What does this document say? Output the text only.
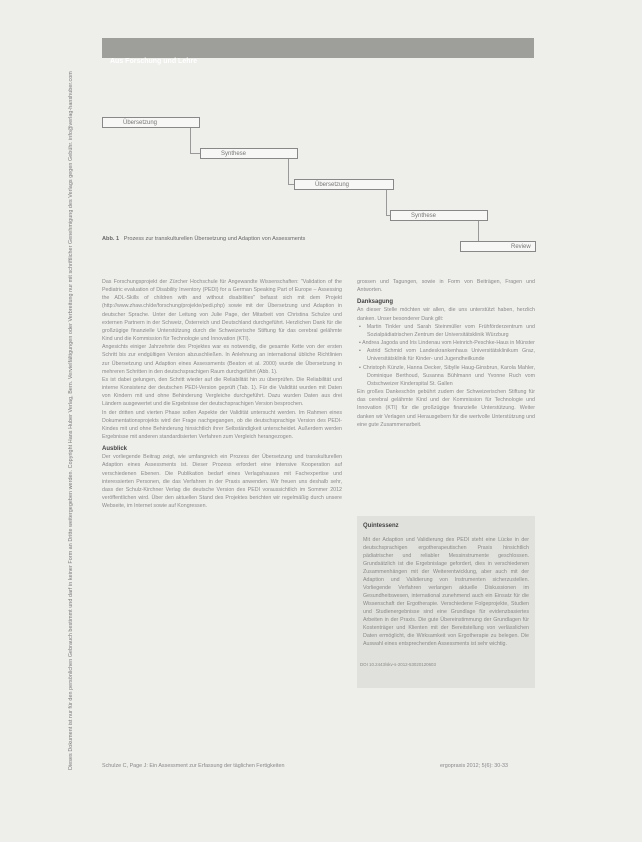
Dieses Dokument ist nur für den persönlichen Gebrauch bestimmt und darf in keiner Form an Dritte weitergegeben werden. Copyright Hans Huber Verlag, Bern. Vervielfältigungen oder Verbreitung nur mit schriftlicher Genehmigung des Verlags gegen Gebühr. info@verlag-hanshuber.com
Aus Forschung und Lehre
Übersetzung
Synthese
Übersetzung
Synthese
Review
Abb. 1 Prozess zur transkulturellen Übersetzung und Adaption von Assessments

Das Forschungsprojekt der Zürcher Hochschule für Angewandte Wissenschaften: "Validation of the Pediatric evaluation of Disability Inventory (PEDI) for a German Speaking Part of Europe – Assessing the ADL-Skills of children with and without disabilities" befasst sich mit dem Projekt (http://www.zhaw.ch/de/forschung/projekte/pedi.php) sowie mit der Übersetzung und Adaption in deutscher Sprache. Unter der Leitung von Julie Page, der Mitarbeit von Christina Schulze und externen Partnern in der Schweiz, Österreich und Deutschland durchgeführt. Herzlichen Dank für die großzügige finanzielle Unterstützung durch die Schweizerische Stiftung für das cerebral gelähmte Kind und die Kommission für Technologie und Innovation (KTI).

Angesichts einiger Jahrzehnte des Projektes war es notwendig, die gesamte Kette von der ersten Schritt bis zur endgültigen Version abzuschließen. In Anlehnung an international übliche Richtlinien zur Übersetzung und Adaption eines Assessments (Beaton et al. 2000) wurde die Übersetzung in mehreren Schritten in den deutschsprachigen Raum durchgeführt (Abb. 1).

Es ist dabei gelungen, den Schritt wieder auf die Reliabilität hin zu überprüfen. Die Reliabilität und interne Konsistenz der deutschen PEDI-Version geprüft (Tab. 1). Für die Validität wurden mit Daten von Kindern mit und ohne Behinderung Vergleiche durchgeführt. Dazu wurden Daten aus drei Ländern ausgewertet und die Ergebnisse der deutschsprachigen Version besprochen.

In der dritten und vierten Phase sollen Aspekte der Validität untersucht werden. Im Rahmen eines Dokumentationsprojekts wird der Frage nachgegangen, ob die deutschsprachige Version des PEDI-Kindes mit und ohne Behinderung hinsichtlich ihrer Selbständigkeit unterscheidet. Außerdem werden Ergebnisse mit anderen standardisierten Verfahren zum Vergleich herangezogen.

Ausblick

Der vorliegende Beitrag zeigt, wie umfangreich ein Prozess der Übersetzung und transkulturellen Adaption eines Assessments ist. Dieser Prozess erfordert eine intensive Kooperation auf verschiedenen Ebenen. Die Publikation bedarf eines Verlagshauses mit Fachexpertise und interessierten Personen, die das Verfahren in der Praxis anwenden. Wir freuen uns deshalb sehr, dass der Schulz-Kirchner Verlag die deutsche Version des PEDI voraussichtlich im Sommer 2012 veröffentlichen wird. Über den aktuellen Stand des Projektes berichten wir regelmäßig durch unsere Webseite, im Internet sowie auf Kongressen.

grossen und Tagungen, sowie in Form von Beiträgen, Fragen und Antworten.

Danksagung

An dieser Stelle möchten wir allen, die uns unterstützt haben, herzlich danken. Unser besonderer Dank gilt:

▪ Martin Tinkler und Sarah Steinmüller vom Frühförderzentrum und Sozialpädiatrischen Zentrum der Universitätsklinik Würzburg

▪ Andrea Jagoda und Iris Lindenau vom Heinrich-Peschke-Haus in Münster

▪ Astrid Schmid vom Landeskrankenhaus Universitätsklinikum Graz, Universitätsklinik für Kinder- und Jugendheilkunde

▪ Christoph Künzle, Hanna Decker, Sibylle Haug-Ginsbrun, Karola Mahler, Dominique Berthoud, Susanna Bühlmann und Yvonne Ruch vom Ostschweizer Kinderspital St. Gallen

Ein großes Dankeschön gebührt zudem der Schweizerischen Stiftung für das cerebral gelähmte Kind und der Kommission für Technologie und Innovation (KTI) für die großzügige finanzielle Unterstützung. Weiter danken wir Verlagen und Herausgebern für die wertvolle Unterstützung und eine gute Zusammenarbeit.

Quintessenz

Mit der Adaption und Validierung des PEDI steht eine Lücke in der deutschsprachigen ergotherapeutischen Praxis hinsichtlich pädiatrischer und reliabler Messinstrumente geschlossen. Grundsätzlich ist die Ergebnislage gefordert, dies in verschiedenen Zusammenhängen mit der Weiterentwicklung, aber auch mit der Adaption und Validierung von Instrumenten sicherzustellen. Vorliegende Verfahren verlangen aktuelle Diskussionen im Gesundheitswesen, international zunehmend auch ein Einsatz für die Wissenschaft der Ergotherapie. Verschiedene Folgeprojekte, Studien und Studienergebnisse sind eine Grundlage für evidenzbasiertes Arbeiten in der Praxis. Die gute Übereinstimmung der Grundlagen für Kostenträger und Klienten mit der Bereitstellung von verlässlichen Daten ermöglicht, die Wirksamkeit von Ergotherapie zu belegen. Die Auswahl eines entsprechenden Assessments ist sehr wichtig.

DOI 10.2443/skv-s-2012-53020120603
Schulze C, Page J: Ein Assessment zur Erfassung der täglichen Fertigkeiten	ergopraxis 2012; 5(6): 30-33
